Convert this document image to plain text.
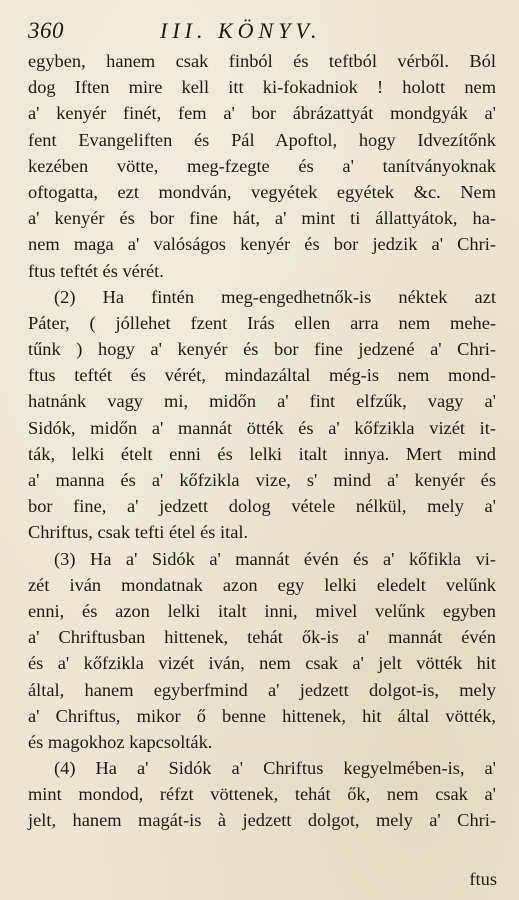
360	III. KÖNYV.
egyben, hanem csak finból és teftból vérből. Ból
dog Iften mire kell itt ki-fokadniok ! holott nem
a' kenyér finét, fem a' bor ábrázattyát mondgyák a'
fent Evangeliften és Pál Apoftol, hogy Idvezítőnk
kezében vötte, meg-fzegte és a' tanítványoknak
oftogatta, ezt mondván, vegyétek egyétek &c. Nem
a' kenyér és bor fine hát, a' mint ti állattyátok, ha-
nem maga a' valóságos kenyér és bor jedzik a' Chri-
ftus teftét és vérét.
(2) Ha fintén meg-engedhetnők-is néktek azt
Páter, ( jóllehet fzent Irás ellen arra nem mehe-
tűnk ) hogy a' kenyér és bor fine jedzené a' Chri-
ftus teftét és vérét, mindazáltal még-is nem mond-
hatnánk vagy mi, midőn a' fint elfzűk, vagy a'
Sidók, midőn a' mannát ötték és a' kőfzikla vizét it-
ták, lelki ételt enni és lelki italt innya. Mert mind
a' manna és a' kőfzikla vize, s' mind a' kenyér és
bor fine, a' jedzett dolog vétele nélkül, mely a'
Chriftus, csak tefti étel és ital.
(3) Ha a' Sidók a' mannát évén és a' kőfikla vi-
zét iván mondatnak azon egy lelki eledelt velűnk
enni, és azon lelki italt inni, mivel velűnk egyben
a' Chriftusban hittenek, tehát ők-is a' mannát évén
és a' kőfzikla vizét iván, nem csak a' jelt vötték hit
által, hanem egyberfmind a' jedzett dolgot-is, mely
a' Chriftus, mikor ő benne hittenek, hit által vötték,
és magokhoz kapcsolták.
(4) Ha a' Sidók a' Chriftus kegyelmében-is, a'
mint mondod, réfzt vöttenek, tehát ők, nem csak a'
jelt, hanem magát-is à jedzett dolgot, mely a' Chri-
ftus
